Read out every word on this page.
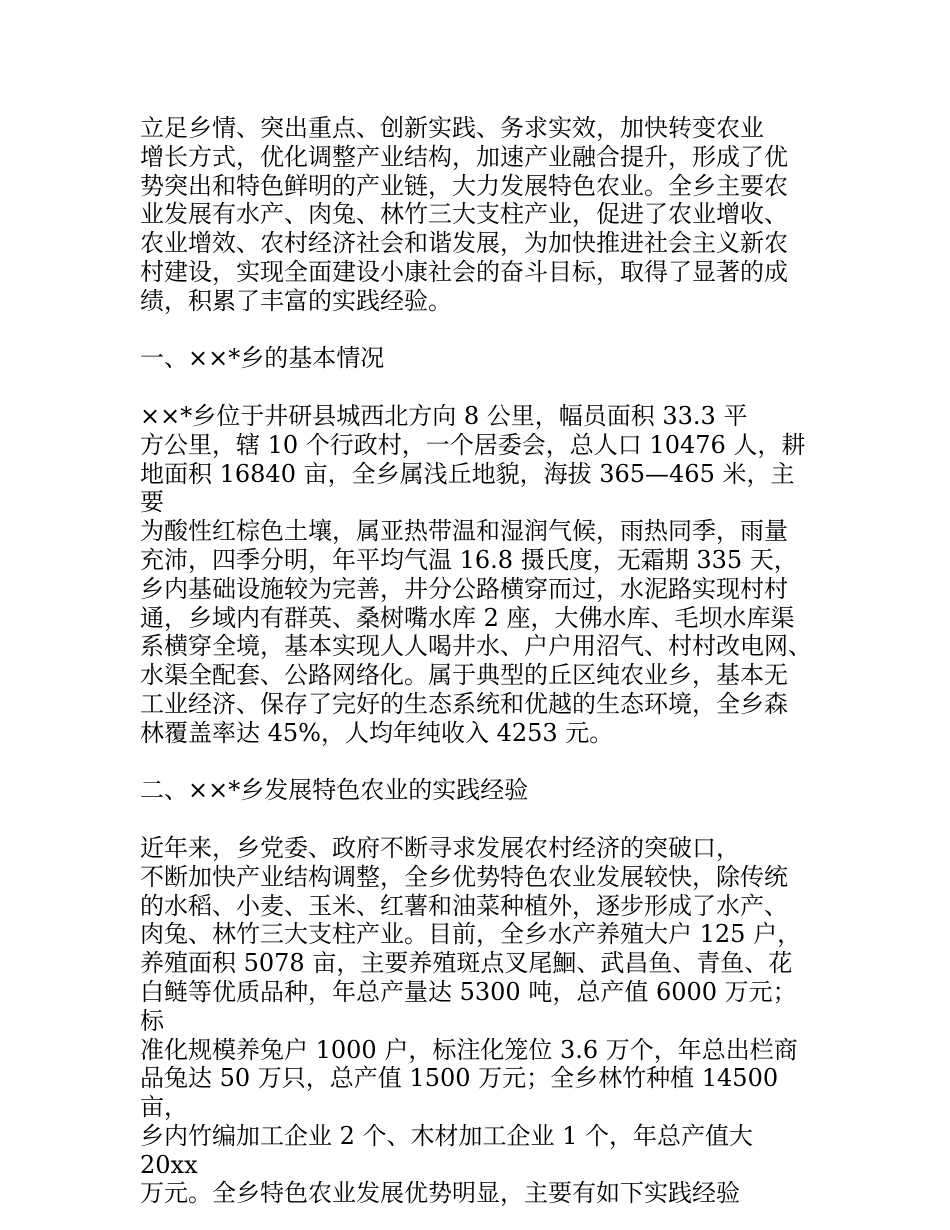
立足乡情、突出重点、创新实践、务求实效，加快转变农业
增长方式，优化调整产业结构，加速产业融合提升，形成了优
势突出和特色鲜明的产业链，大力发展特色农业。全乡主要农
业发展有水产、肉兔、林竹三大支柱产业，促进了农业增收、
农业增效、农村经济社会和谐发展，为加快推进社会主义新农
村建设，实现全面建设小康社会的奋斗目标，取得了显著的成
绩，积累了丰富的实践经验。

一、××*乡的基本情况

××*乡位于井研县城西北方向 8 公里，幅员面积 33.3 平
方公里，辖 10 个行政村，一个居委会，总人口 10476 人，耕
地面积 16840 亩，全乡属浅丘地貌，海拔 365—465 米，主要
为酸性红棕色土壤，属亚热带温和湿润气候，雨热同季，雨量
充沛，四季分明，年平均气温 16.8 摄氏度，无霜期 335 天，
乡内基础设施较为完善，井分公路横穿而过，水泥路实现村村
通，乡域内有群英、桑树嘴水库 2 座，大佛水库、毛坝水库渠
系横穿全境，基本实现人人喝井水、户户用沼气、村村改电网、
水渠全配套、公路网络化。属于典型的丘区纯农业乡，基本无
工业经济、保存了完好的生态系统和优越的生态环境，全乡森
林覆盖率达 45%，人均年纯收入 4253 元。

二、××*乡发展特色农业的实践经验

近年来，乡党委、政府不断寻求发展农村经济的突破口，
不断加快产业结构调整，全乡优势特色农业发展较快，除传统
的水稻、小麦、玉米、红薯和油菜种植外，逐步形成了水产、
肉兔、林竹三大支柱产业。目前，全乡水产养殖大户 125 户，
养殖面积 5078 亩，主要养殖斑点叉尾鮰、武昌鱼、青鱼、花
白鲢等优质品种，年总产量达 5300 吨，总产值 6000 万元；标
准化规模养兔户 1000 户，标注化笼位 3.6 万个，年总出栏商
品兔达 50 万只，总产值 1500 万元；全乡林竹种植 14500 亩，
乡内竹编加工企业 2 个、木材加工企业 1 个，年总产值大 20xx
万元。全乡特色农业发展优势明显，主要有如下实践经验
